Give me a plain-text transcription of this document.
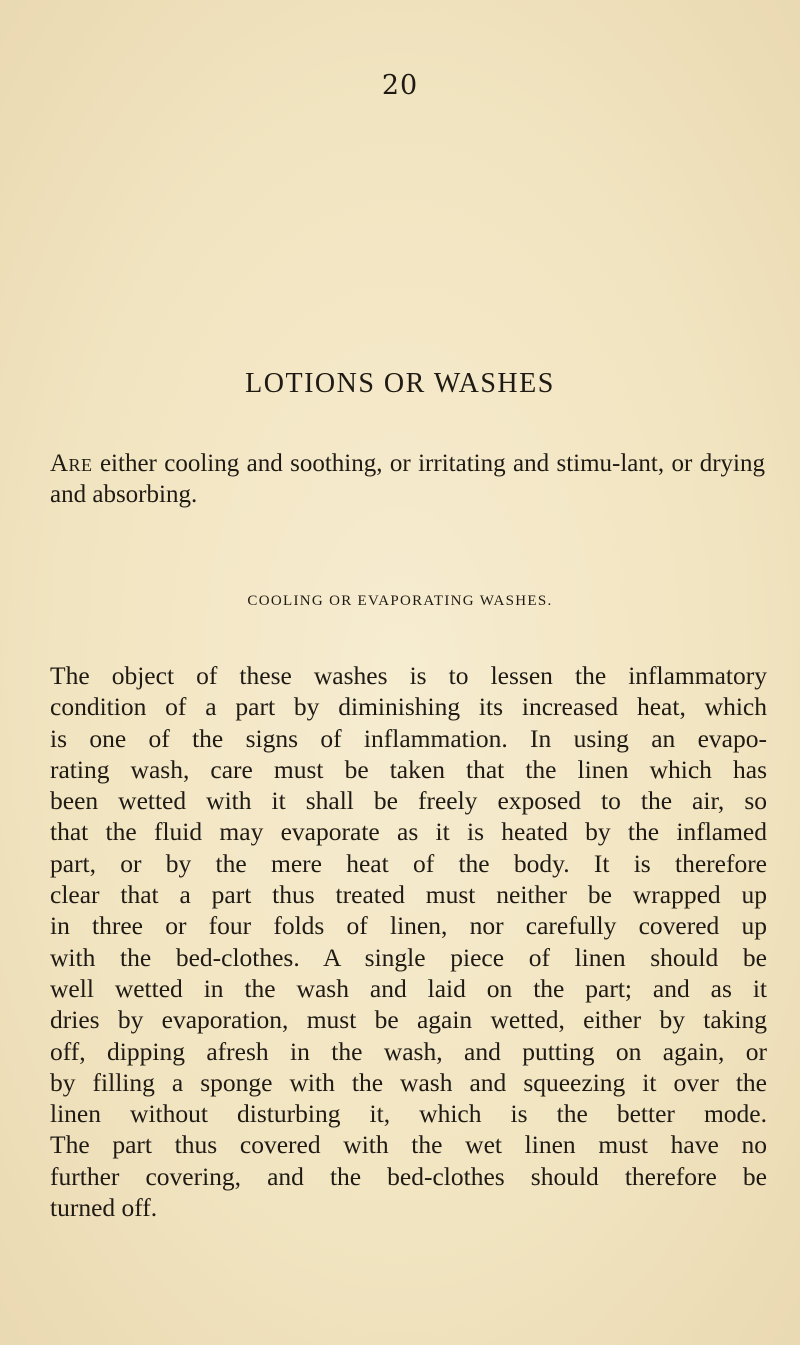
20
LOTIONS OR WASHES
Are either cooling and soothing, or irritating and stimu-lant, or drying and absorbing.
COOLING OR EVAPORATING WASHES.
The object of these washes is to lessen the inflammatory
condition of a part by diminishing its increased heat, which
is one of the signs of inflammation. In using an evapo-
rating wash, care must be taken that the linen which has
been wetted with it shall be freely exposed to the air, so
that the fluid may evaporate as it is heated by the inflamed
part, or by the mere heat of the body. It is therefore
clear that a part thus treated must neither be wrapped up
in three or four folds of linen, nor carefully covered up
with the bed-clothes. A single piece of linen should be
well wetted in the wash and laid on the part; and as it
dries by evaporation, must be again wetted, either by taking
off, dipping afresh in the wash, and putting on again, or
by filling a sponge with the wash and squeezing it over the
linen without disturbing it, which is the better mode.
The part thus covered with the wet linen must have no
further covering, and the bed-clothes should therefore be
turned off.
